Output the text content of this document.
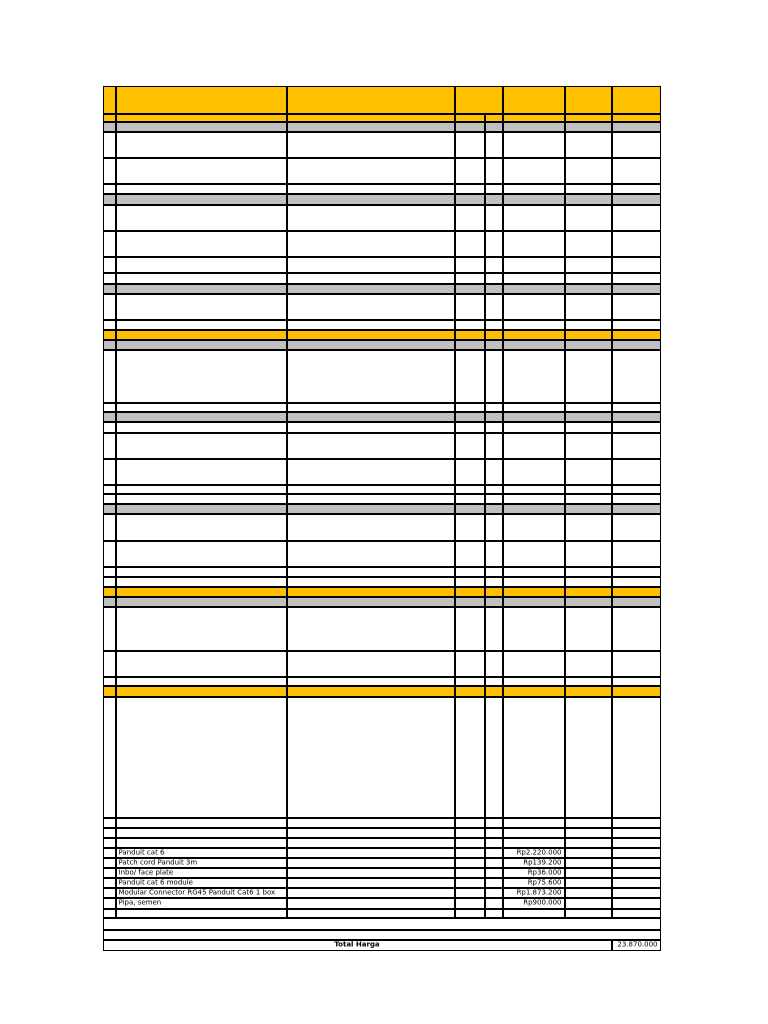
Panduit cat 6	Rp2.220.000
Patch cord Panduit 3m	Rp139.200
Inbo/ face plate	Rp36.000
Panduit cat 6 module	Rp75.600
Modular Connector RG45 Panduit Cat6 1 box	Rp1.873.200
Pipa, semen	Rp900.000
Total Harga	23.870.000
